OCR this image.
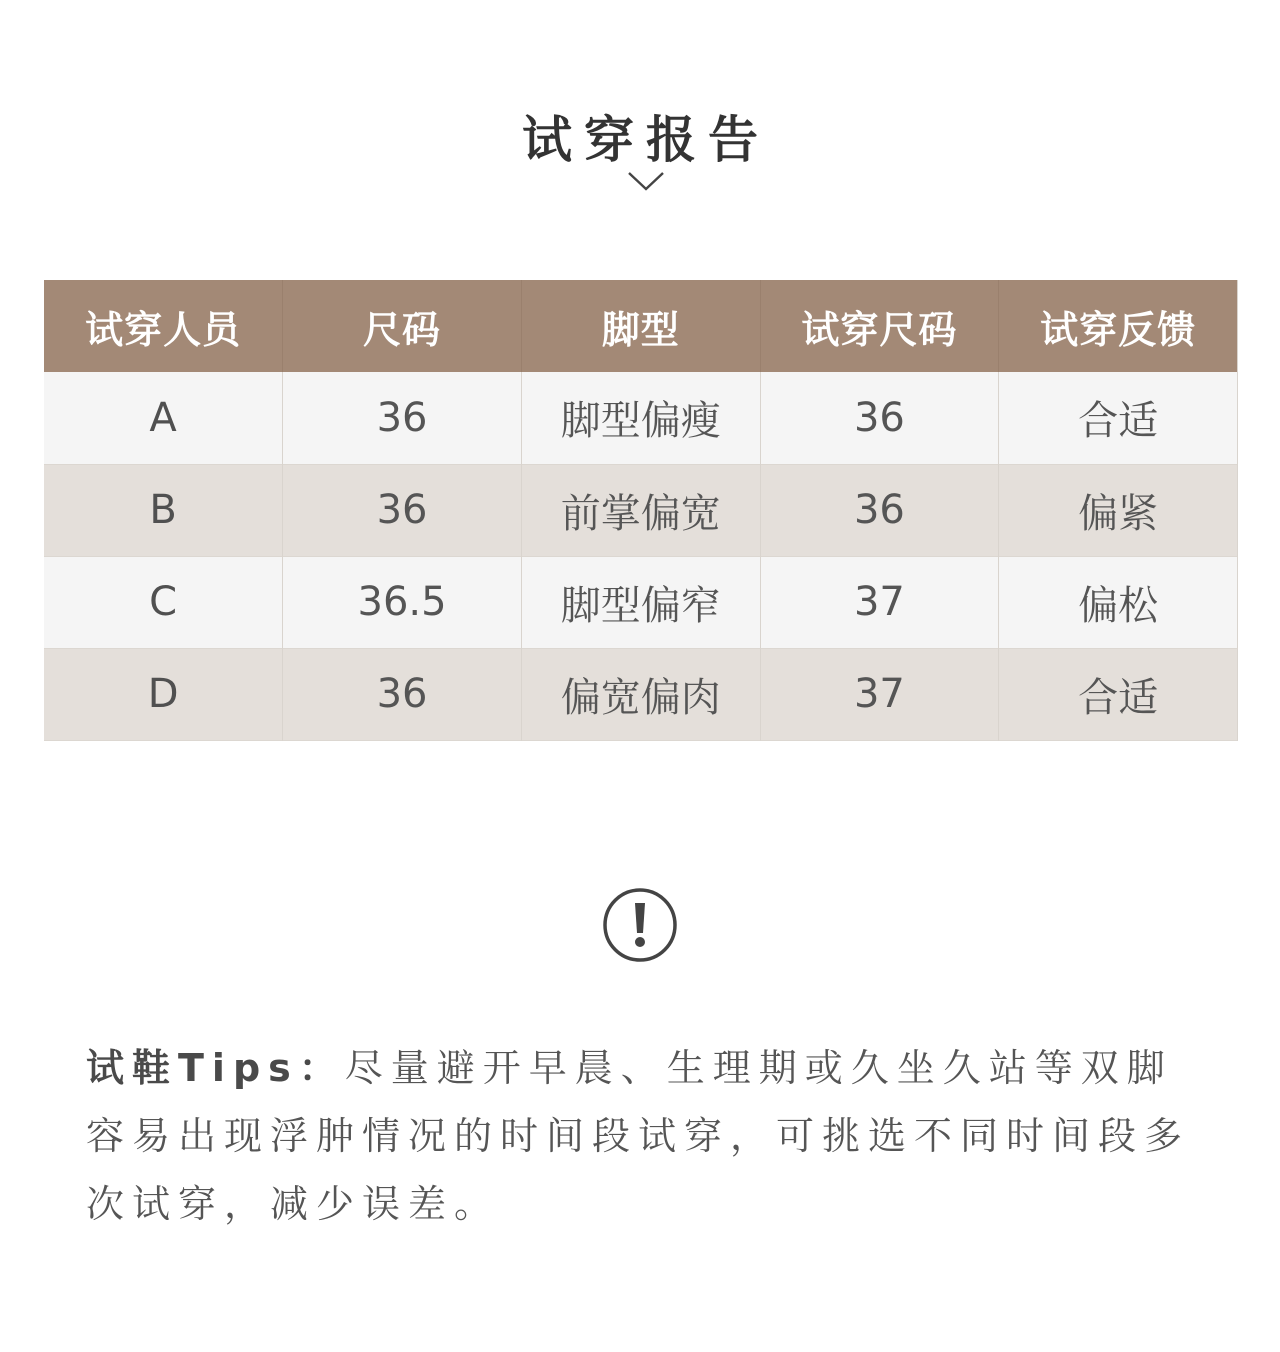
试穿报告
试穿人员	尺码	脚型	试穿尺码	试穿反馈
A	36	脚型偏瘦	36	合适
B	36	前掌偏宽	36	偏紧
C	36.5	脚型偏窄	37	偏松
D	36	偏宽偏肉	37	合适
试鞋Tips：尽量避开早晨、生理期或久坐久站等双脚容易出现浮肿情况的时间段试穿，可挑选不同时间段多次试穿，减少误差。
